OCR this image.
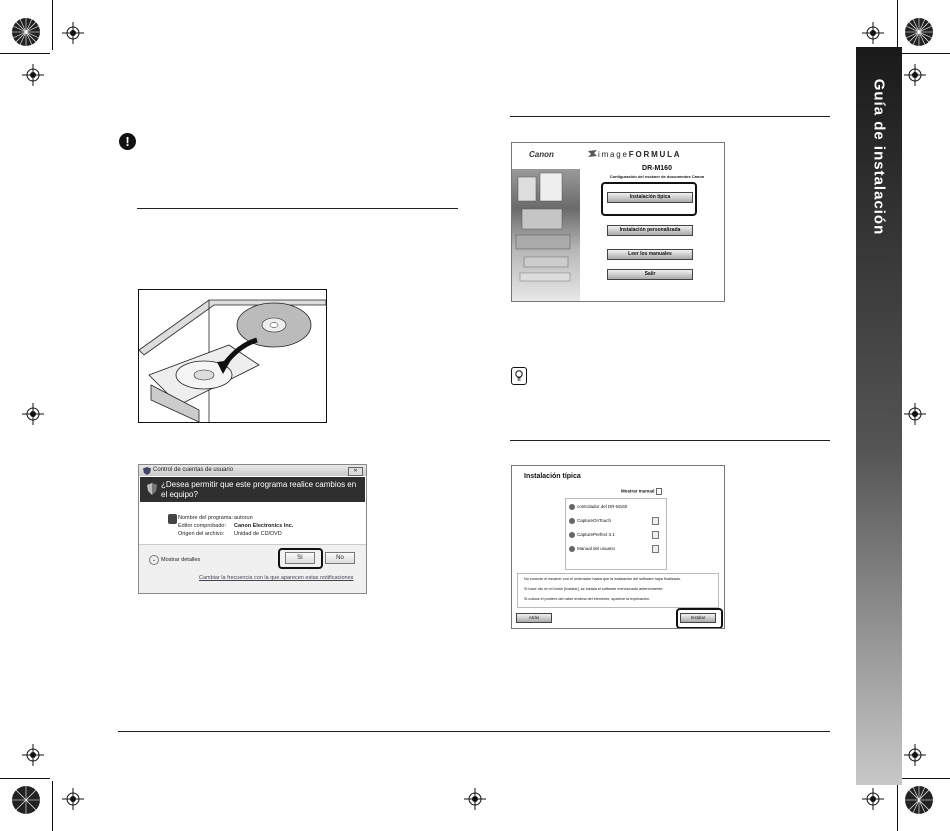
Guía de instalación
!
Control de cuentas de usuario	✕
¿Desea permitir que este programa realice cambios en el equipo?
Nombre del programa:autorun
Editor comprobado: Canon Electronics Inc.
Origen del archivo: Unidad de CD/DVD
⌄ Mostrar detalles	Sí	No
Cambiar la frecuencia con la que aparecen estas notificaciones
Canon	imageFORMULA
DR-M160
Configuración del escáner de documentos Canon
Instalación típica
Instalación personalizada
Leer los manuales
Salir
Instalación típica
Mostrar manual
controlador del DR-M160
CaptureOnTouch
CapturePerfect 3.1
Manual del usuario
No conecte el escáner con el ordenador hasta que la instalación del software haya finalizado.
Si hace clic en el botón [Instalar], se instala el software mencionado anteriormente.
Si coloca el puntero del ratón encima del elemento, aparece la explicación.
Atrás	Instalar
